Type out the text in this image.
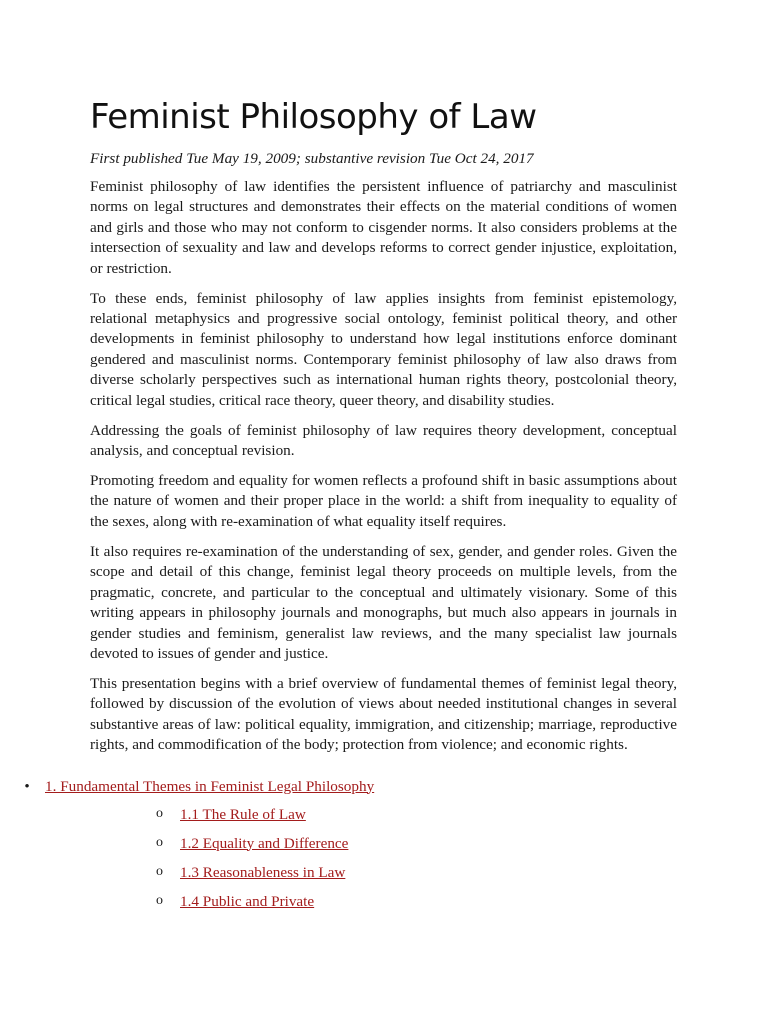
Feminist Philosophy of Law
First published Tue May 19, 2009; substantive revision Tue Oct 24, 2017

Feminist philosophy of law identifies the persistent influence of patriarchy and masculinist norms on legal structures and demonstrates their effects on the material conditions of women and girls and those who may not conform to cisgender norms. It also considers problems at the intersection of sexuality and law and develops reforms to correct gender injustice, exploitation, or restriction.

To these ends, feminist philosophy of law applies insights from feminist epistemology, relational metaphysics and progressive social ontology, feminist political theory, and other developments in feminist philosophy to understand how legal institutions enforce dominant gendered and masculinist norms. Contemporary feminist philosophy of law also draws from diverse scholarly perspectives such as international human rights theory, postcolonial theory, critical legal studies, critical race theory, queer theory, and disability studies.

Addressing the goals of feminist philosophy of law requires theory development, conceptual analysis, and conceptual revision.

Promoting freedom and equality for women reflects a profound shift in basic assumptions about the nature of women and their proper place in the world: a shift from inequality to equality of the sexes, along with re-examination of what equality itself requires.

It also requires re-examination of the understanding of sex, gender, and gender roles. Given the scope and detail of this change, feminist legal theory proceeds on multiple levels, from the pragmatic, concrete, and particular to the conceptual and ultimately visionary. Some of this writing appears in philosophy journals and monographs, but much also appears in journals in gender studies and feminism, generalist law reviews, and the many specialist law journals devoted to issues of gender and justice.

This presentation begins with a brief overview of fundamental themes of feminist legal theory, followed by discussion of the evolution of views about needed institutional changes in several substantive areas of law: political equality, immigration, and citizenship; marriage, reproductive rights, and commodification of the body; protection from violence; and economic rights.

•	1. Fundamental Themes in Feminist Legal Philosophy
o 1.1 The Rule of Law
o 1.2 Equality and Difference
o 1.3 Reasonableness in Law
o 1.4 Public and Private
